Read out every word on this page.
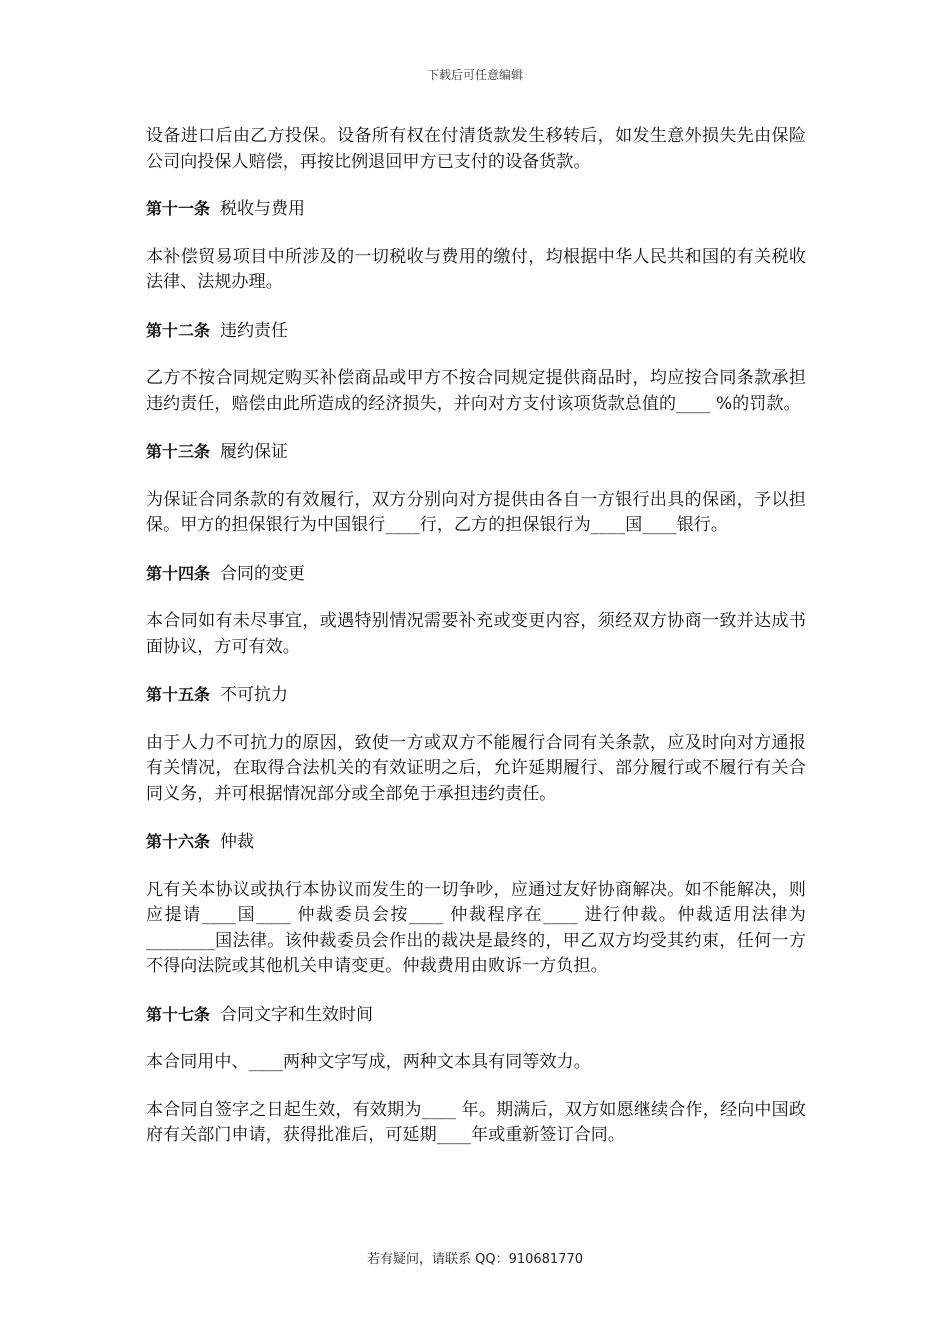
下载后可任意编辑

设备进口后由乙方投保。设备所有权在付清货款发生移转后，如发生意外损失先由保险公司向投保人赔偿，再按比例退回甲方已支付的设备货款。

第十一条 税收与费用

本补偿贸易项目中所涉及的一切税收与费用的缴付，均根据中华人民共和国的有关税收法律、法规办理。

第十二条 违约责任

乙方不按合同规定购买补偿商品或甲方不按合同规定提供商品时，均应按合同条款承担违约责任，赔偿由此所造成的经济损失，并向对方支付该项货款总值的____ %的罚款。

第十三条 履约保证

为保证合同条款的有效履行，双方分别向对方提供由各自一方银行出具的保函，予以担保。甲方的担保银行为中国银行____行，乙方的担保银行为____国____银行。

第十四条 合同的变更

本合同如有未尽事宜，或遇特别情况需要补充或变更内容，须经双方协商一致并达成书面协议，方可有效。

第十五条 不可抗力

由于人力不可抗力的原因，致使一方或双方不能履行合同有关条款，应及时向对方通报有关情况，在取得合法机关的有效证明之后，允许延期履行、部分履行或不履行有关合同义务，并可根据情况部分或全部免于承担违约责任。

第十六条 仲裁

凡有关本协议或执行本协议而发生的一切争吵，应通过友好协商解决。如不能解决，则应提请____国____ 仲裁委员会按____ 仲裁程序在____ 进行仲裁。仲裁适用法律为________国法律。该仲裁委员会作出的裁决是最终的，甲乙双方均受其约束，任何一方不得向法院或其他机关申请变更。仲裁费用由败诉一方负担。

第十七条 合同文字和生效时间

本合同用中、____两种文字写成，两种文本具有同等效力。

本合同自签字之日起生效，有效期为____ 年。期满后，双方如愿继续合作，经向中国政府有关部门申请，获得批准后，可延期____年或重新签订合同。

若有疑问，请联系 QQ：910681770
